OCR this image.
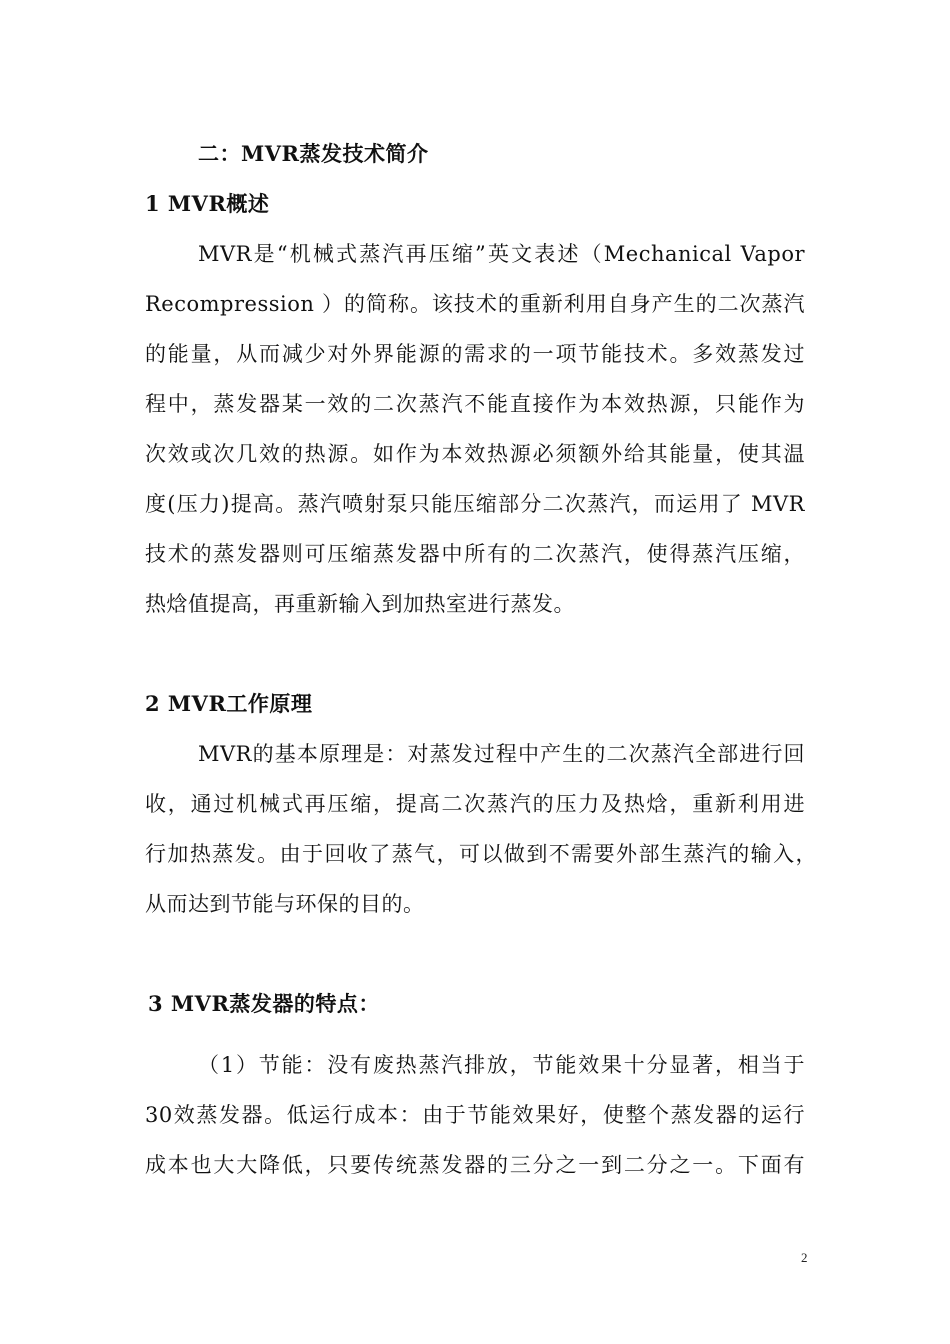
二：MVR蒸发技术简介
1 MVR概述
MVR是“机械式蒸汽再压缩”英文表述（Mechanical Vapor
Recompression ）的简称。该技术的重新利用自身产生的二次蒸汽
的能量，从而减少对外界能源的需求的一项节能技术。多效蒸发过
程中，蒸发器某一效的二次蒸汽不能直接作为本效热源，只能作为
次效或次几效的热源。如作为本效热源必须额外给其能量，使其温
度(压力)提高。蒸汽喷射泵只能压缩部分二次蒸汽，而运用了 MVR
技术的蒸发器则可压缩蒸发器中所有的二次蒸汽，使得蒸汽压缩，
热焓值提高，再重新输入到加热室进行蒸发。
2 MVR工作原理
MVR的基本原理是：对蒸发过程中产生的二次蒸汽全部进行回
收，通过机械式再压缩，提高二次蒸汽的压力及热焓，重新利用进
行加热蒸发。由于回收了蒸气，可以做到不需要外部生蒸汽的输入，
从而达到节能与环保的目的。
3 MVR蒸发器的特点：
（1）节能：没有废热蒸汽排放，节能效果十分显著，相当于
30效蒸发器。低运行成本：由于节能效果好，使整个蒸发器的运行
成本也大大降低，只要传统蒸发器的三分之一到二分之一。下面有
2
